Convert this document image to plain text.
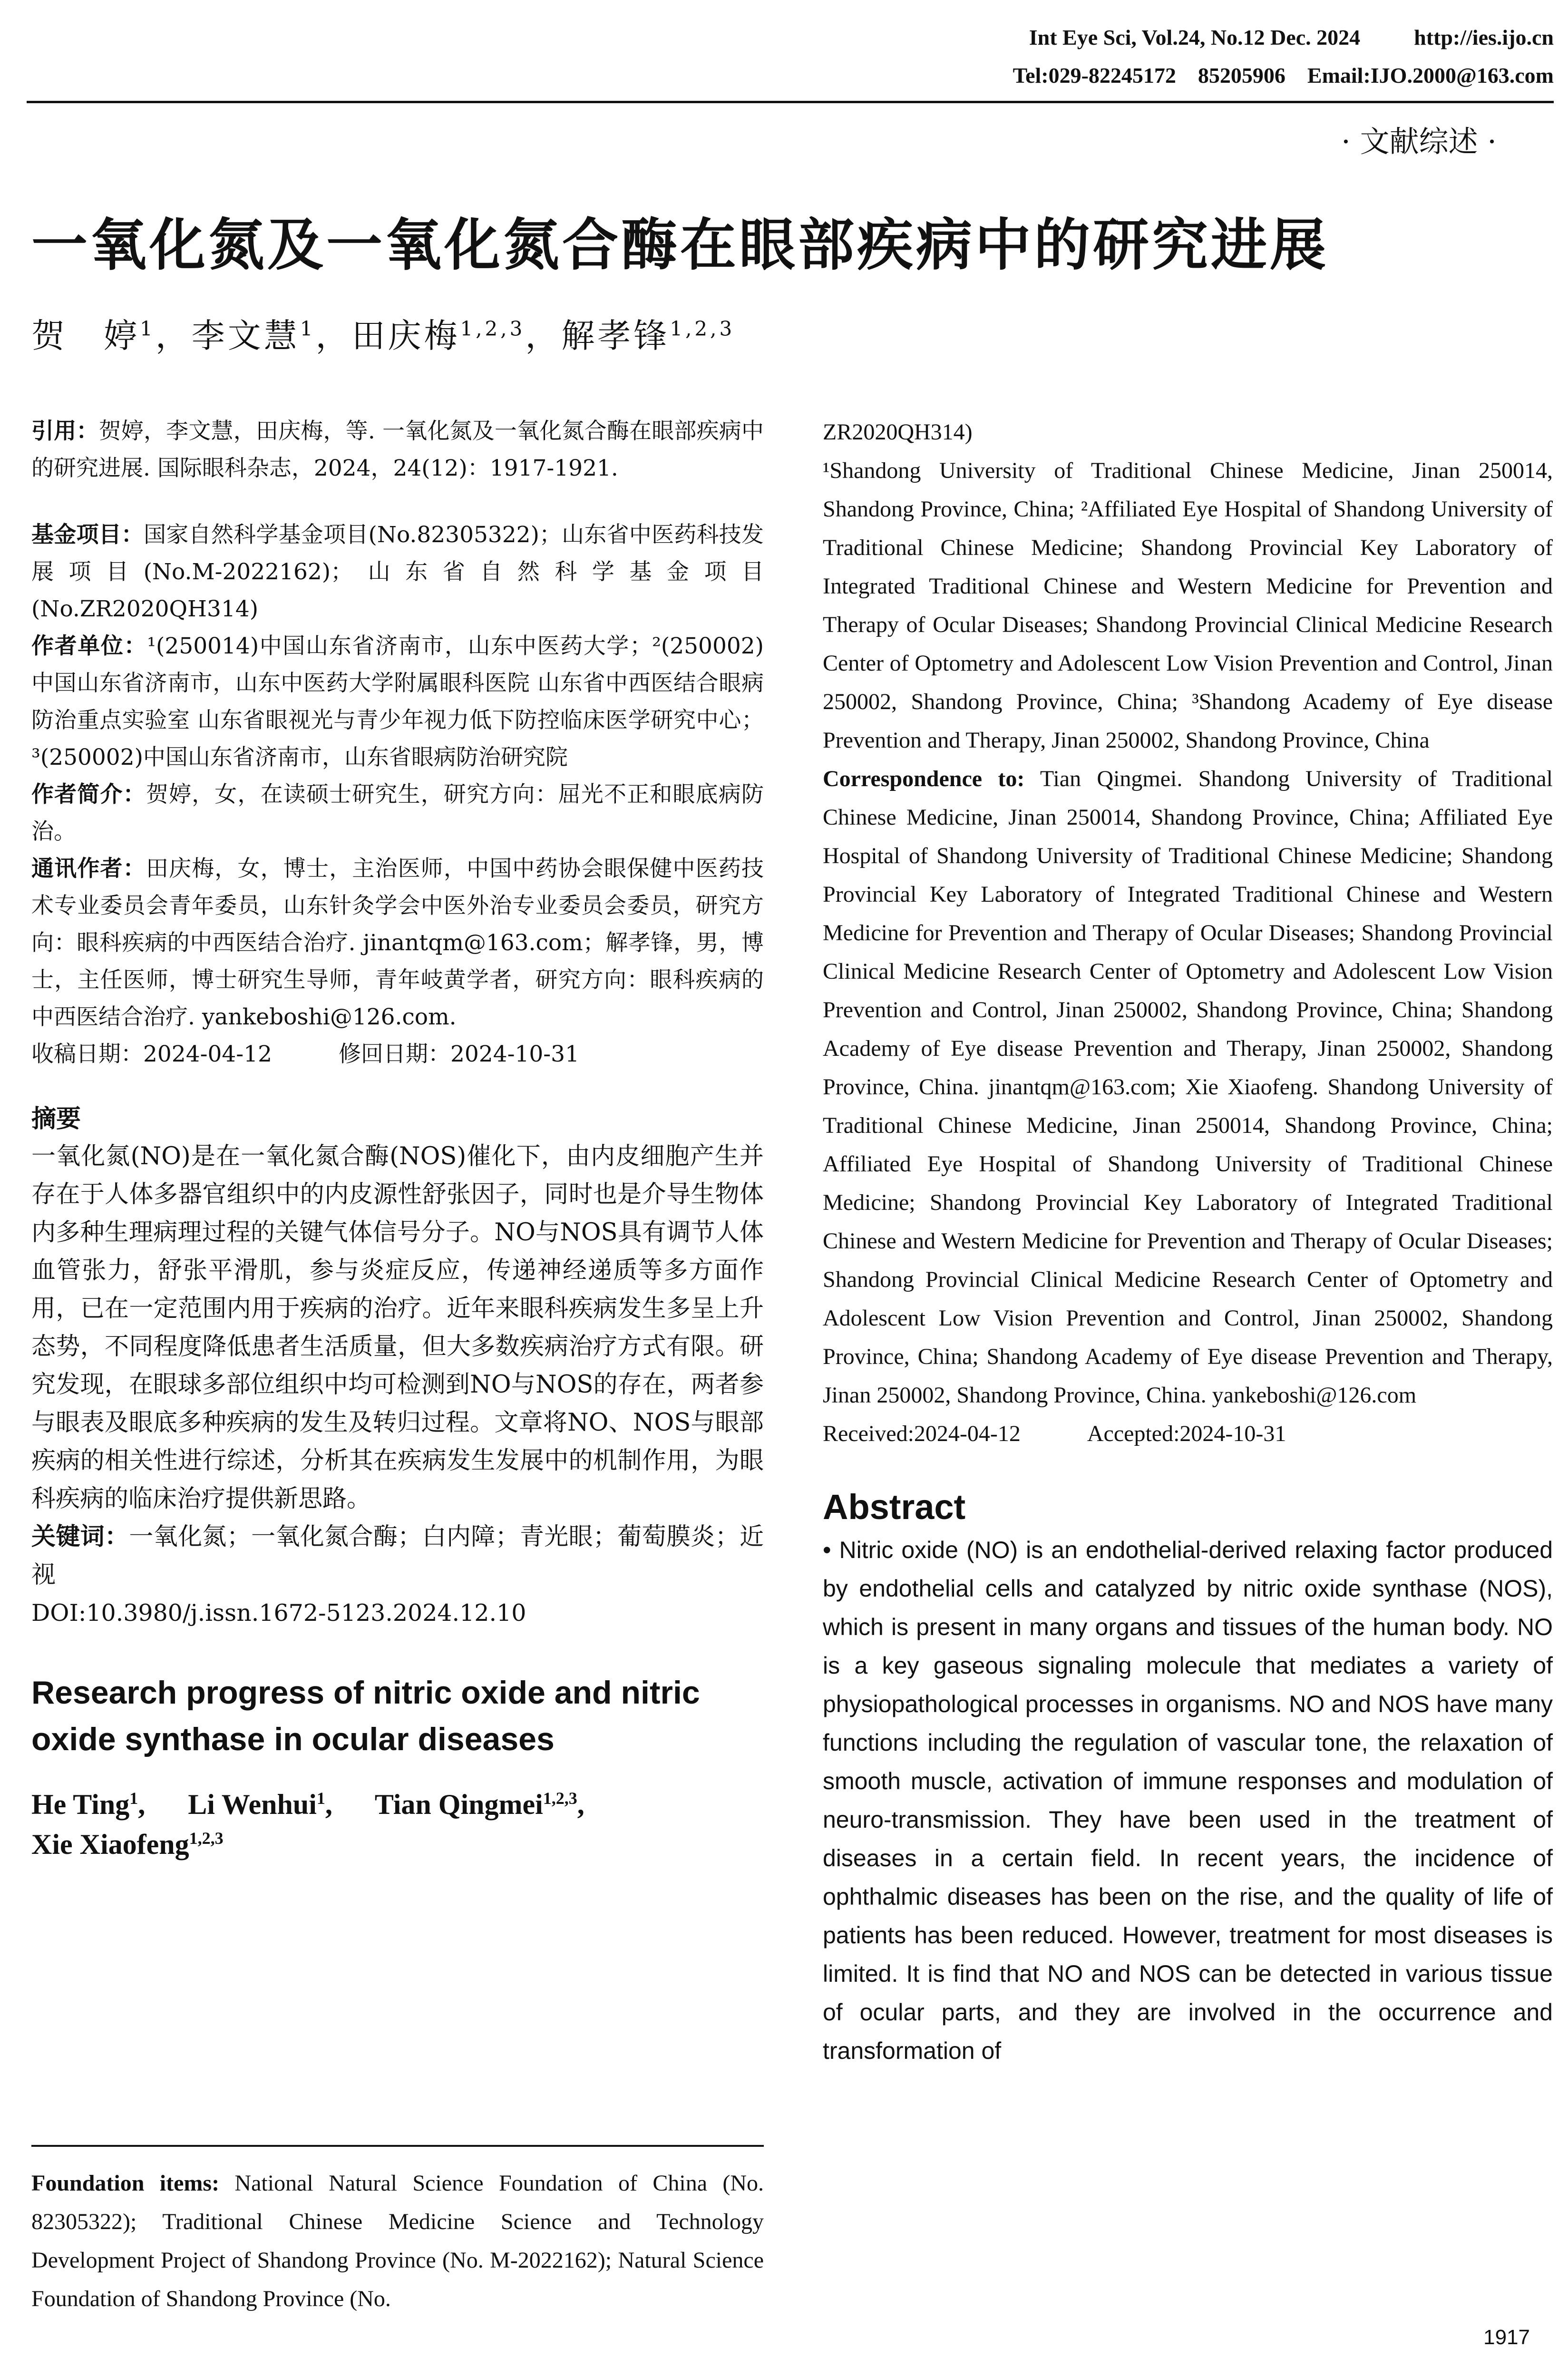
Int Eye Sci, Vol.24, No.12 Dec. 2024 http://ies.ijo.cn
Tel:029-82245172    85205906    Email:IJO.2000@163.com
· 文献综述 ·
一氧化氮及一氧化氮合酶在眼部疾病中的研究进展
贺　婷$^1$，李文慧$^1$，田庆梅$^{1,2,3}$，解孝锋$^{1,2,3}$

引用：贺婷，李文慧，田庆梅，等. 一氧化氮及一氧化氮合酶在眼部疾病中的研究进展. 国际眼科杂志，2024，24(12)：1917-1921.

基金项目：国家自然科学基金项目(No.82305322)；山东省中医药科技发展项目(No.M-2022162)；山东省自然科学基金项目(No.ZR2020QH314)

作者单位：¹(250014)中国山东省济南市，山东中医药大学；²(250002)中国山东省济南市，山东中医药大学附属眼科医院 山东省中西医结合眼病防治重点实验室 山东省眼视光与青少年视力低下防控临床医学研究中心；³(250002)中国山东省济南市，山东省眼病防治研究院

作者简介：贺婷，女，在读硕士研究生，研究方向：屈光不正和眼底病防治。

通讯作者：田庆梅，女，博士，主治医师，中国中药协会眼保健中医药技术专业委员会青年委员，山东针灸学会中医外治专业委员会委员，研究方向：眼科疾病的中西医结合治疗. jinantqm@163.com；解孝锋，男，博士，主任医师，博士研究生导师，青年岐黄学者，研究方向：眼科疾病的中西医结合治疗. yankeboshi@126.com.

收稿日期：2024-04-12	修回日期：2024-10-31

摘要

一氧化氮(NO)是在一氧化氮合酶(NOS)催化下，由内皮细胞产生并存在于人体多器官组织中的内皮源性舒张因子，同时也是介导生物体内多种生理病理过程的关键气体信号分子。NO与NOS具有调节人体血管张力，舒张平滑肌，参与炎症反应，传递神经递质等多方面作用，已在一定范围内用于疾病的治疗。近年来眼科疾病发生多呈上升态势，不同程度降低患者生活质量，但大多数疾病治疗方式有限。研究发现，在眼球多部位组织中均可检测到NO与NOS的存在，两者参与眼表及眼底多种疾病的发生及转归过程。文章将NO、NOS与眼部疾病的相关性进行综述，分析其在疾病发生发展中的机制作用，为眼科疾病的临床治疗提供新思路。

关键词：一氧化氮；一氧化氮合酶；白内障；青光眼；葡萄膜炎；近视

DOI:10.3980/j.issn.1672-5123.2024.12.10

Research progress of nitric oxide and nitric oxide synthase in ocular diseases
He Ting$^1$,      Li Wenhui$^1$,      Tian Qingmei$^{1,2,3}$,
Xie Xiaofeng$^{1,2,3}$

Foundation items: National Natural Science Foundation of China (No. 82305322); Traditional Chinese Medicine Science and Technology Development Project of Shandong Province (No. M-2022162); Natural Science Foundation of Shandong Province (No.

ZR2020QH314)

¹Shandong University of Traditional Chinese Medicine, Jinan 250014, Shandong Province, China; ²Affiliated Eye Hospital of Shandong University of Traditional Chinese Medicine; Shandong Provincial Key Laboratory of Integrated Traditional Chinese and Western Medicine for Prevention and Therapy of Ocular Diseases; Shandong Provincial Clinical Medicine Research Center of Optometry and Adolescent Low Vision Prevention and Control, Jinan 250002, Shandong Province, China; ³Shandong Academy of Eye disease Prevention and Therapy, Jinan 250002, Shandong Province, China

Correspondence to: Tian Qingmei. Shandong University of Traditional Chinese Medicine, Jinan 250014, Shandong Province, China; Affiliated Eye Hospital of Shandong University of Traditional Chinese Medicine; Shandong Provincial Key Laboratory of Integrated Traditional Chinese and Western Medicine for Prevention and Therapy of Ocular Diseases; Shandong Provincial Clinical Medicine Research Center of Optometry and Adolescent Low Vision Prevention and Control, Jinan 250002, Shandong Province, China; Shandong Academy of Eye disease Prevention and Therapy, Jinan 250002, Shandong Province, China. jinantqm@163.com; Xie Xiaofeng. Shandong University of Traditional Chinese Medicine, Jinan 250014, Shandong Province, China; Affiliated Eye Hospital of Shandong University of Traditional Chinese Medicine; Shandong Provincial Key Laboratory of Integrated Traditional Chinese and Western Medicine for Prevention and Therapy of Ocular Diseases; Shandong Provincial Clinical Medicine Research Center of Optometry and Adolescent Low Vision Prevention and Control, Jinan 250002, Shandong Province, China; Shandong Academy of Eye disease Prevention and Therapy, Jinan 250002, Shandong Province, China. yankeboshi@126.com

Received:2024-04-12	Accepted:2024-10-31

Abstract

• Nitric oxide (NO) is an endothelial-derived relaxing factor produced by endothelial cells and catalyzed by nitric oxide synthase (NOS), which is present in many organs and tissues of the human body. NO is a key gaseous signaling molecule that mediates a variety of physiopathological processes in organisms. NO and NOS have many functions including the regulation of vascular tone, the relaxation of smooth muscle, activation of immune responses and modulation of neuro-transmission. They have been used in the treatment of diseases in a certain field. In recent years, the incidence of ophthalmic diseases has been on the rise, and the quality of life of patients has been reduced. However, treatment for most diseases is limited. It is find that NO and NOS can be detected in various tissue of ocular parts, and they are involved in the occurrence and transformation of

1917
